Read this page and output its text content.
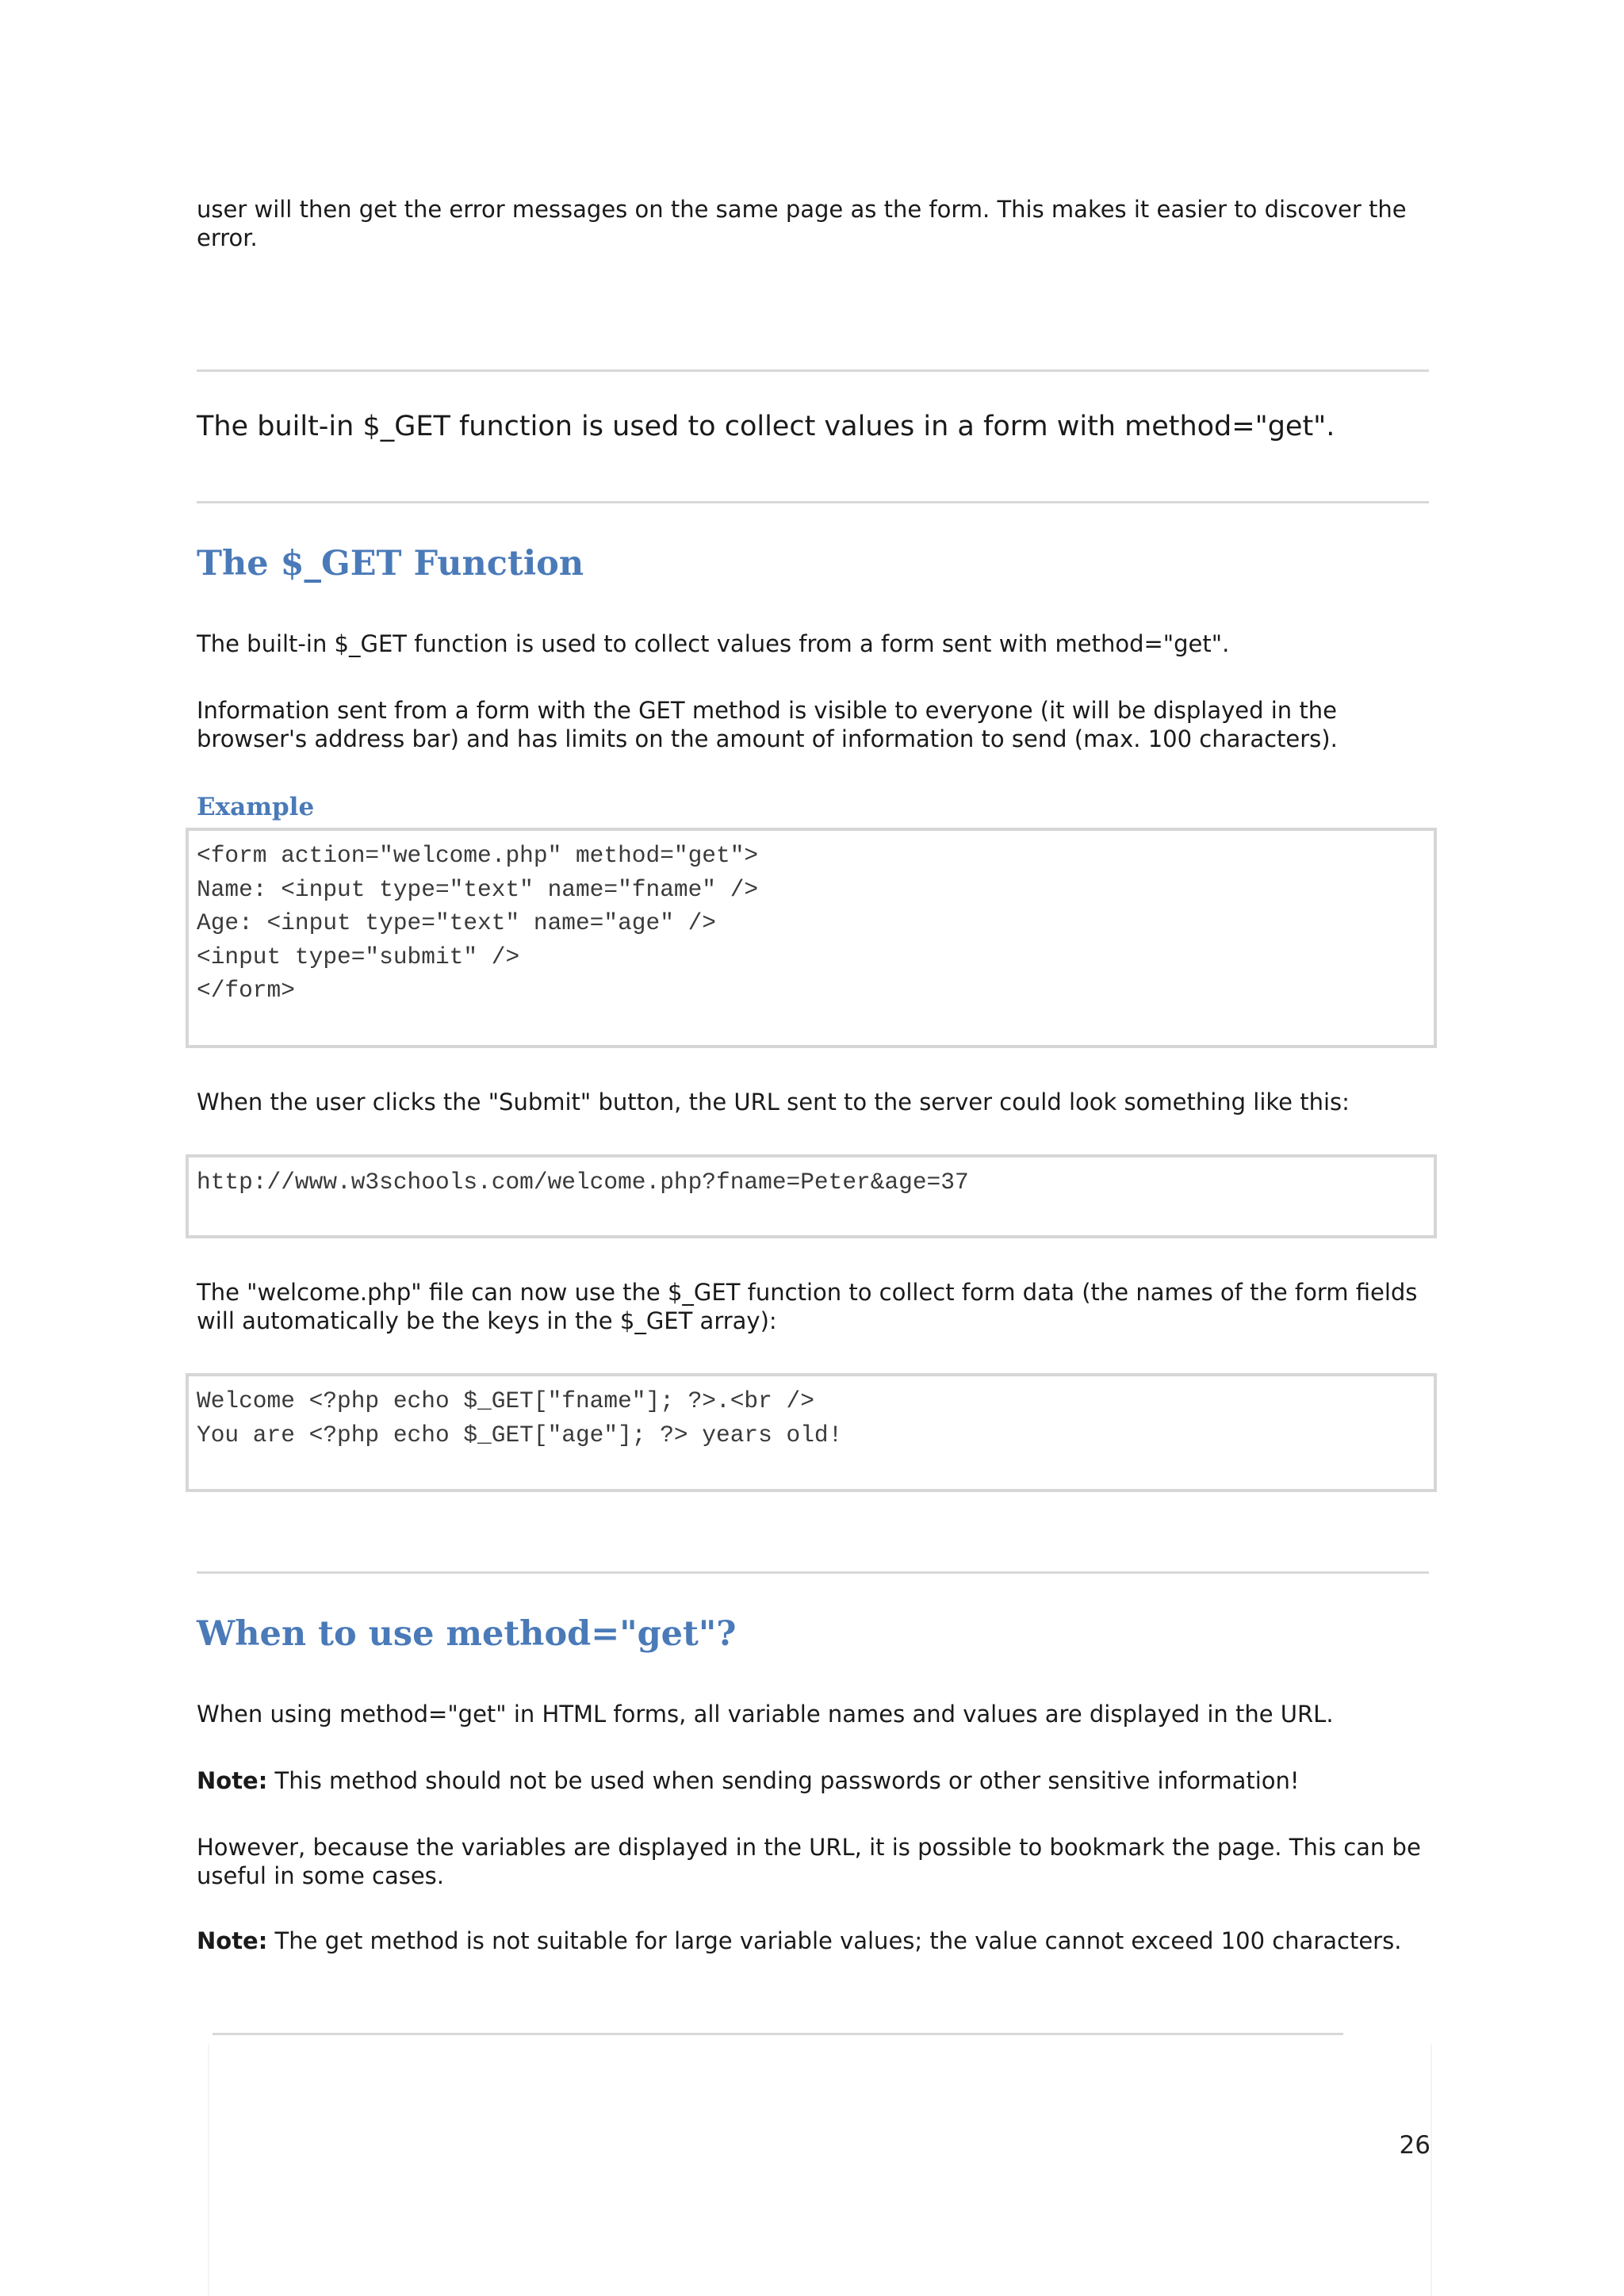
user will then get the error messages on the same page as the form. This makes it easier to discover the error.

The built-in $_GET function is used to collect values in a form with method="get".

The $_GET Function

The built-in $_GET function is used to collect values from a form sent with method="get".

Information sent from a form with the GET method is visible to everyone (it will be displayed in the browser's address bar) and has limits on the amount of information to send (max. 100 characters).

Example
<form action="welcome.php" method="get">
Name: <input type="text" name="fname" />
Age: <input type="text" name="age" />
<input type="submit" />
</form>

When the user clicks the "Submit" button, the URL sent to the server could look something like this:

http://www.w3schools.com/welcome.php?fname=Peter&age=37

The "welcome.php" file can now use the $_GET function to collect form data (the names of the form fields will automatically be the keys in the $_GET array):

Welcome <?php echo $_GET["fname"]; ?>.<br />
You are <?php echo $_GET["age"]; ?> years old!
When to use method="get"?

When using method="get" in HTML forms, all variable names and values are displayed in the URL.

Note: This method should not be used when sending passwords or other sensitive information!

However, because the variables are displayed in the URL, it is possible to bookmark the page. This can be useful in some cases.

Note: The get method is not suitable for large variable values; the value cannot exceed 100 characters.

26
